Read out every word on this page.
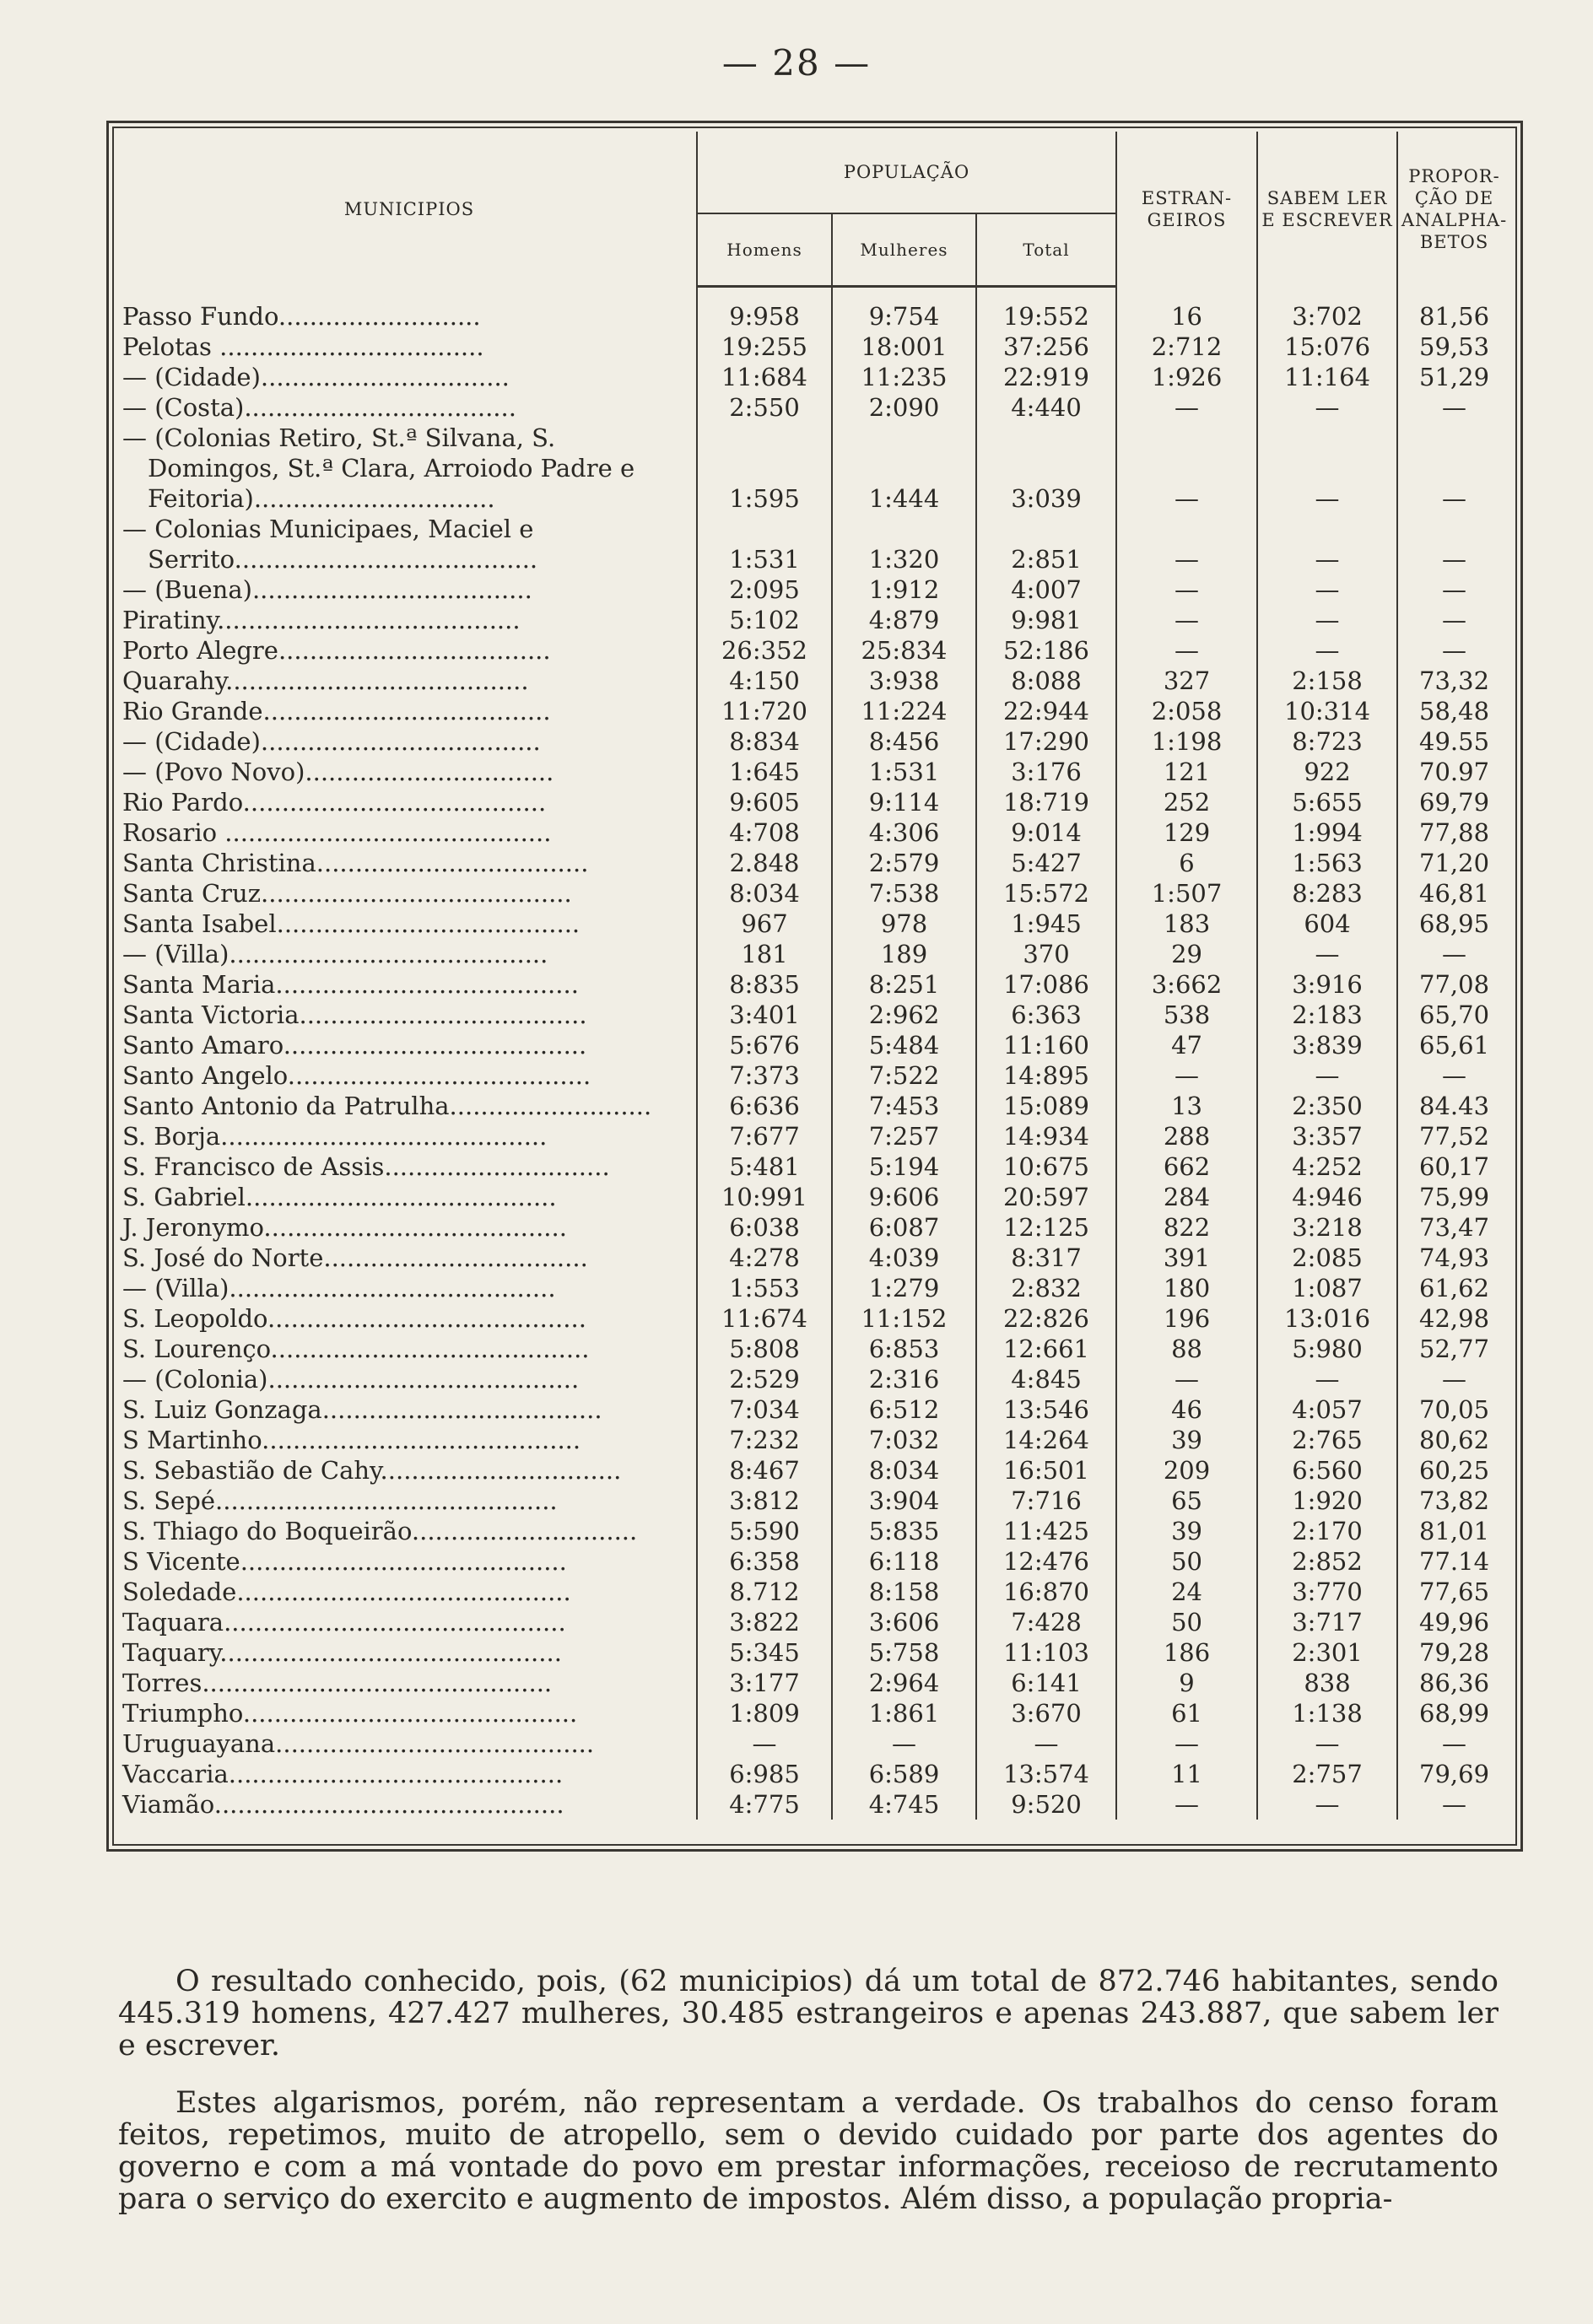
— 28 —
MUNICIPIOS	POPULAÇÃO			ESTRAN- GEIROS	SABEM LER E ESCREVER	PROPOR- ÇÃO DE ANALPHA- BETOS
	Homens	Mulheres	Total			
Passo Fundo..........................	9:958	9:754	19:552	16	3:702	81,56
Pelotas ..................................	19:255	18:001	37:256	2:712	15:076	59,53
— (Cidade)................................	11:684	11:235	22:919	1:926	11:164	51,29
— (Costa)...................................	2:550	2:090	4:440	—	—	—
— (Colonias Retiro, St.ª Silvana, S. Domingos, St.ª Clara, Arroiodo Padre e Feitoria)...............................	1:595	1:444	3:039	—	—	—
— Colonias Municipaes, Maciel e Serrito.......................................	1:531	1:320	2:851	—	—	—
— (Buena)....................................	2:095	1:912	4:007	—	—	—
Piratiny.......................................	5:102	4:879	9:981	—	—	—
Porto Alegre...................................	26:352	25:834	52:186	—	—	—
Quarahy.......................................	4:150	3:938	8:088	327	2:158	73,32
Rio Grande.....................................	11:720	11:224	22:944	2:058	10:314	58,48
— (Cidade)....................................	8:834	8:456	17:290	1:198	8:723	49.55
— (Povo Novo)................................	1:645	1:531	3:176	121	922	70.97
Rio Pardo.......................................	9:605	9:114	18:719	252	5:655	69,79
Rosario ..........................................	4:708	4:306	9:014	129	1:994	77,88
Santa Christina...................................	2.848	2:579	5:427	6	1:563	71,20
Santa Cruz........................................	8:034	7:538	15:572	1:507	8:283	46,81
Santa Isabel.......................................	967	978	1:945	183	604	68,95
— (Villa).........................................	181	189	370	29	—	—
Santa Maria.......................................	8:835	8:251	17:086	3:662	3:916	77,08
Santa Victoria.....................................	3:401	2:962	6:363	538	2:183	65,70
Santo Amaro.......................................	5:676	5:484	11:160	47	3:839	65,61
Santo Angelo.......................................	7:373	7:522	14:895	—	—	—
Santo Antonio da Patrulha..........................	6:636	7:453	15:089	13	2:350	84.43
S. Borja..........................................	7:677	7:257	14:934	288	3:357	77,52
S. Francisco de Assis.............................	5:481	5:194	10:675	662	4:252	60,17
S. Gabriel........................................	10:991	9:606	20:597	284	4:946	75,99
J. Jeronymo.......................................	6:038	6:087	12:125	822	3:218	73,47
S. José do Norte..................................	4:278	4:039	8:317	391	2:085	74,93
— (Villa)..........................................	1:553	1:279	2:832	180	1:087	61,62
S. Leopoldo.........................................	11:674	11:152	22:826	196	13:016	42,98
S. Lourenço.........................................	5:808	6:853	12:661	88	5:980	52,77
— (Colonia)........................................	2:529	2:316	4:845	—	—	—
S. Luiz Gonzaga....................................	7:034	6:512	13:546	46	4:057	70,05
S Martinho.........................................	7:232	7:032	14:264	39	2:765	80,62
S. Sebastião de Cahy...............................	8:467	8:034	16:501	209	6:560	60,25
S. Sepé............................................	3:812	3:904	7:716	65	1:920	73,82
S. Thiago do Boqueirão.............................	5:590	5:835	11:425	39	2:170	81,01
S Vicente..........................................	6:358	6:118	12:476	50	2:852	77.14
Soledade...........................................	8.712	8:158	16:870	24	3:770	77,65
Taquara............................................	3:822	3:606	7:428	50	3:717	49,96
Taquary............................................	5:345	5:758	11:103	186	2:301	79,28
Torres.............................................	3:177	2:964	6:141	9	838	86,36
Triumpho...........................................	1:809	1:861	3:670	61	1:138	68,99
Uruguayana.........................................	—	—	—	—	—	—
Vaccaria...........................................	6:985	6:589	13:574	11	2:757	79,69
Viamão.............................................	4:775	4:745	9:520	—	—	—

O resultado conhecido, pois, (62 municipios) dá um total de 872.746 habitantes, sendo 445.319 homens, 427.427 mulheres, 30.485 estrangeiros e apenas 243.887, que sabem ler e escrever.

Estes algarismos, porém, não representam a verdade. Os trabalhos do censo foram feitos, repetimos, muito de atropello, sem o devido cuidado por parte dos agentes do governo e com a má vontade do povo em prestar informações, receioso de recrutamento para o serviço do exercito e augmento de impostos. Além disso, a população propria-
